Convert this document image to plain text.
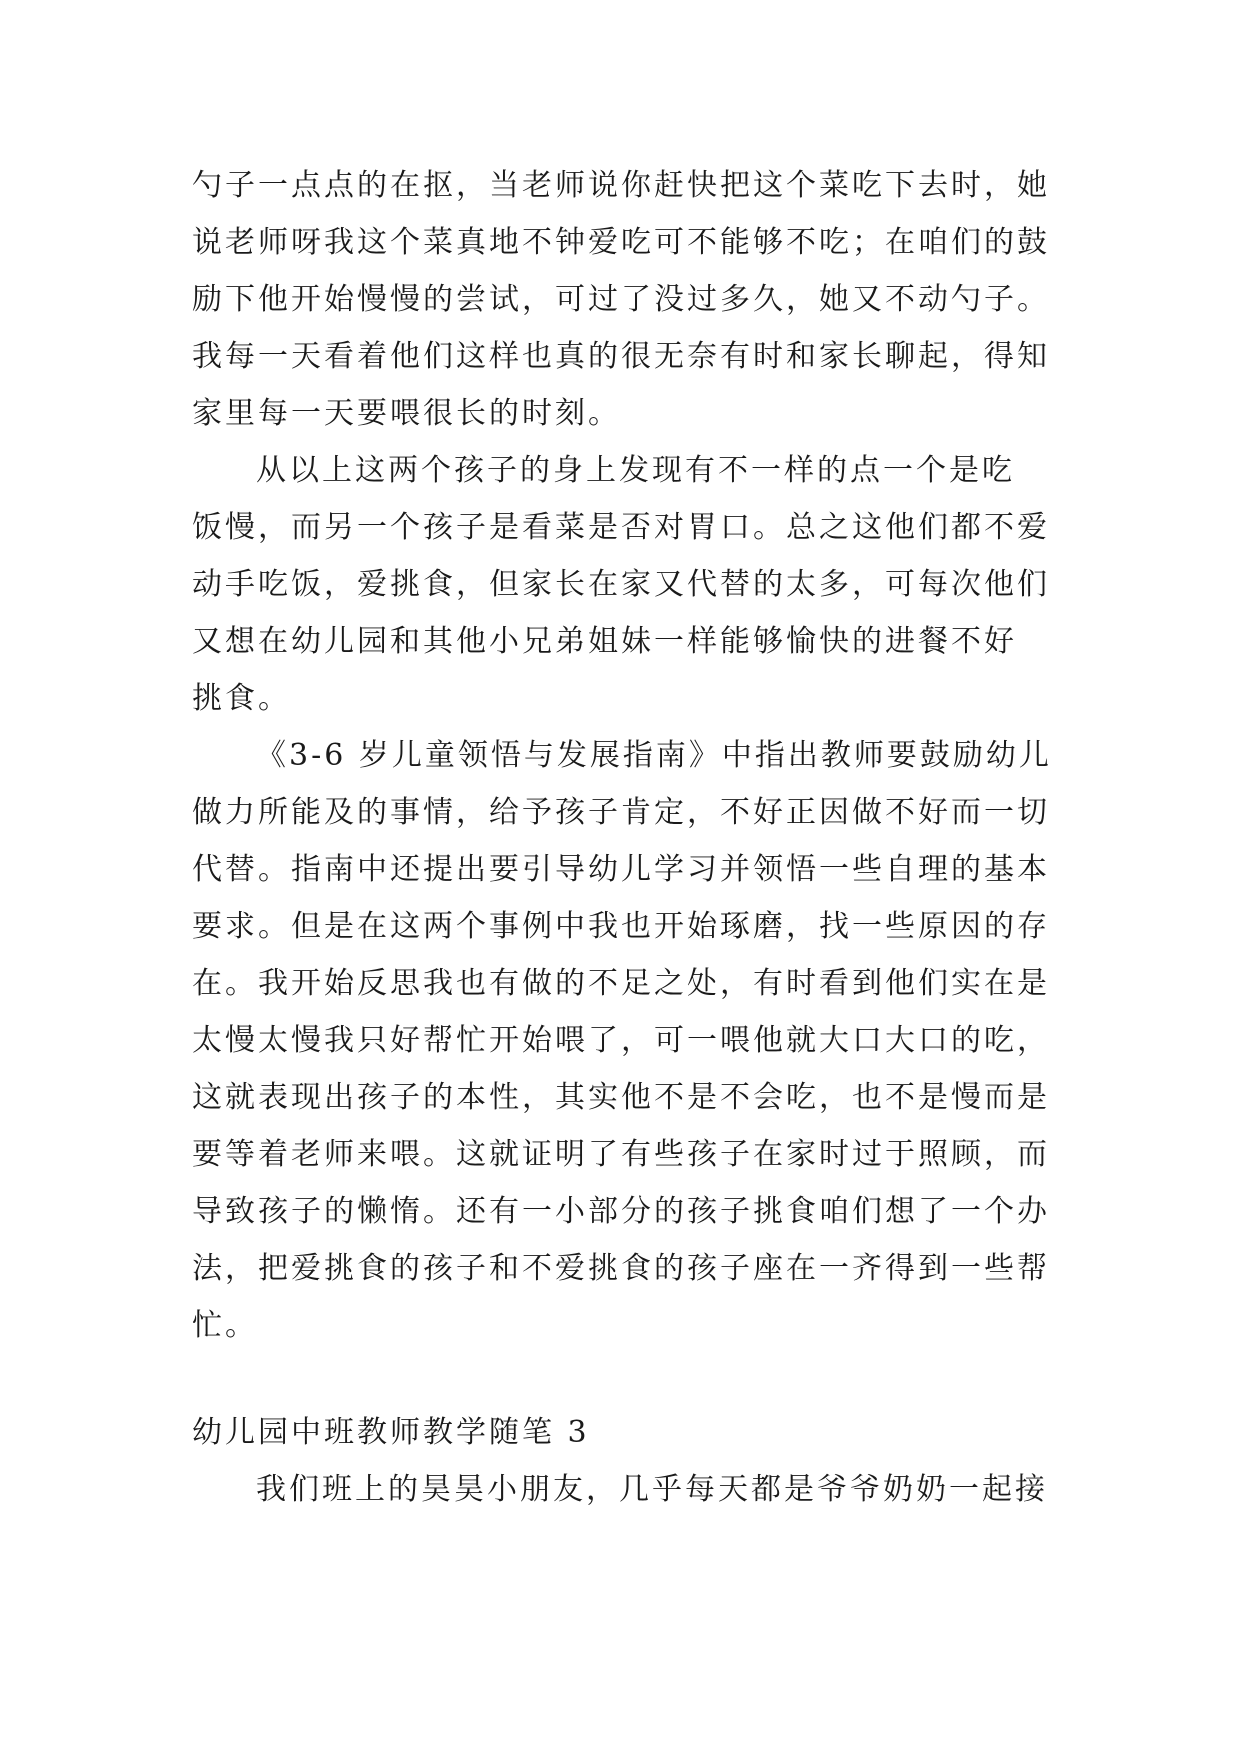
勺子一点点的在抠，当老师说你赶快把这个菜吃下去时，她
说老师呀我这个菜真地不钟爱吃可不能够不吃；在咱们的鼓
励下他开始慢慢的尝试，可过了没过多久，她又不动勺子。
我每一天看着他们这样也真的很无奈有时和家长聊起，得知
家里每一天要喂很长的时刻。
从以上这两个孩子的身上发现有不一样的点一个是吃
饭慢，而另一个孩子是看菜是否对胃口。总之这他们都不爱
动手吃饭，爱挑食，但家长在家又代替的太多，可每次他们
又想在幼儿园和其他小兄弟姐妹一样能够愉快的进餐不好
挑食。
《3-6 岁儿童领悟与发展指南》中指出教师要鼓励幼儿
做力所能及的事情，给予孩子肯定，不好正因做不好而一切
代替。指南中还提出要引导幼儿学习并领悟一些自理的基本
要求。但是在这两个事例中我也开始琢磨，找一些原因的存
在。我开始反思我也有做的不足之处，有时看到他们实在是
太慢太慢我只好帮忙开始喂了，可一喂他就大口大口的吃，
这就表现出孩子的本性，其实他不是不会吃，也不是慢而是
要等着老师来喂。这就证明了有些孩子在家时过于照顾，而
导致孩子的懒惰。还有一小部分的孩子挑食咱们想了一个办
法，把爱挑食的孩子和不爱挑食的孩子座在一齐得到一些帮
忙。
幼儿园中班教师教学随笔 3
我们班上的昊昊小朋友，几乎每天都是爷爷奶奶一起接
